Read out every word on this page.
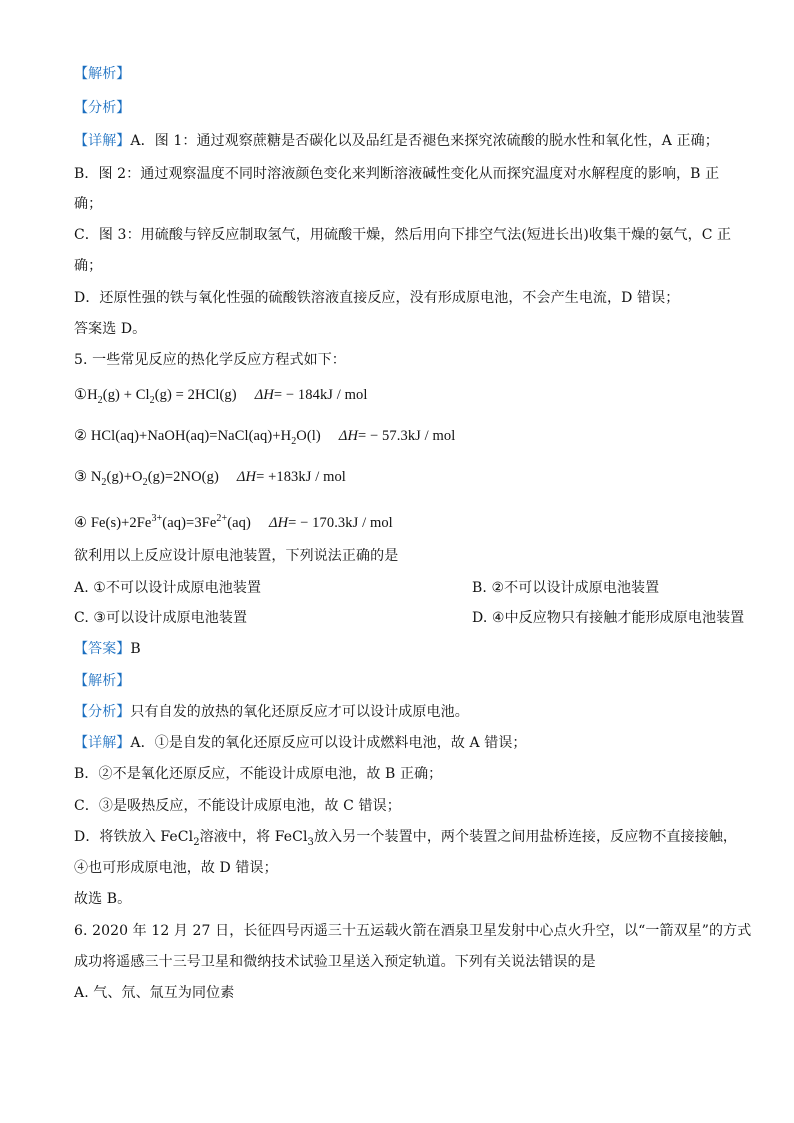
【解析】
【分析】
【详解】A．图 1：通过观察蔗糖是否碳化以及品红是否褪色来探究浓硫酸的脱水性和氧化性，A 正确；
B．图 2：通过观察温度不同时溶液颜色变化来判断溶液碱性变化从而探究温度对水解程度的影响，B 正
确；
C．图 3：用硫酸与锌反应制取氢气，用硫酸干燥，然后用向下排空气法(短进长出)收集干燥的氨气，C 正
确；
D．还原性强的铁与氧化性强的硫酸铁溶液直接反应，没有形成原电池，不会产生电流，D 错误；
答案选 D。
5. 一些常见反应的热化学反应方程式如下：
$①H_2(g) + Cl_2(g) = 2HCl(g) \Delta H= - 184kJ$ / mol
② $HCl(aq)+NaOH(aq)=NaCl(aq)+H_2O(l) \Delta H= - 57.3kJ$ / mol
③ $N_2(g)+O_2(g)=2NO(g)$ ΔH= +183kJ / mol
④ $Fe(s)+2Fe^{3+}(aq)=3Fe^{2+}(aq) \Delta H= - 170.3kJ$ / mol
欲利用以上反应设计原电池装置，下列说法正确的是
A. ①不可以设计成原电池装置	B. ②不可以设计成原电池装置
C. ③可以设计成原电池装置	D. ④中反应物只有接触才能形成原电池装置
【答案】B
【解析】
【分析】只有自发的放热的氧化还原反应才可以设计成原电池。
【详解】A．①是自发的氧化还原反应可以设计成燃料电池，故 A 错误；
B．②不是氧化还原反应，不能设计成原电池，故 B 正确；
C．③是吸热反应，不能设计成原电池，故 C 错误；
D．将铁放入 FeCl$_2$溶液中，将 FeCl$_3$放入另一个装置中，两个装置之间用盐桥连接，反应物不直接接触，
④也可形成原电池，故 D 错误；
故选 B。
6. 2020 年 12 月 27 日，长征四号丙遥三十五运载火箭在酒泉卫星发射中心点火升空，以“一箭双星”的方式
成功将遥感三十三号卫星和微纳技术试验卫星送入预定轨道。下列有关说法错误的是
A. 气、氘、氚互为同位素
